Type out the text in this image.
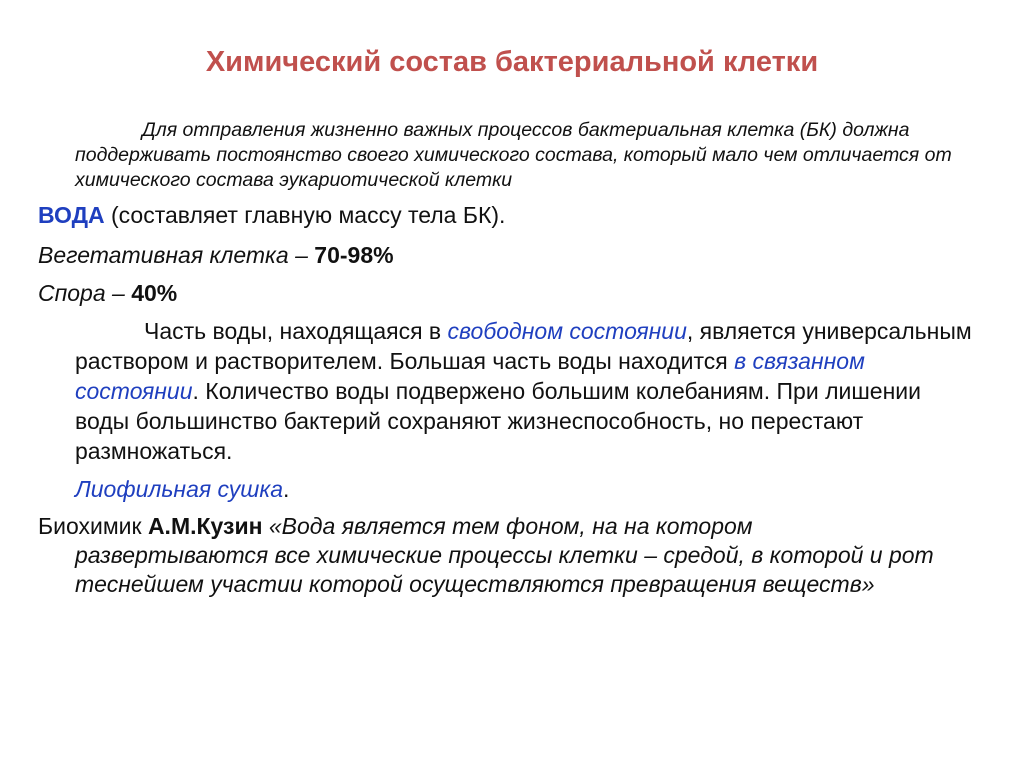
Химический состав бактериальной клетки
Для отправления жизненно важных процессов бактериальная клетка (БК) должна поддерживать постоянство своего химического состава, который мало чем отличается от химического состава эукариотической клетки
ВОДА (составляет главную массу тела БК).
Вегетативная клетка – 70-98%
Спора – 40%
Часть воды, находящаяся в свободном состоянии, является универсальным раствором и растворителем. Большая часть воды находится в связанном состоянии. Количество воды подвержено большим колебаниям. При лишении воды большинство бактерий сохраняют жизнеспособность, но перестают размножаться.
Лиофильная сушка.
Биохимик А.М.Кузин «Вода является тем фоном, на на котором
развертываются все химические процессы клетки – средой, в которой и рот теснейшем участии которой осуществляются превращения веществ»
